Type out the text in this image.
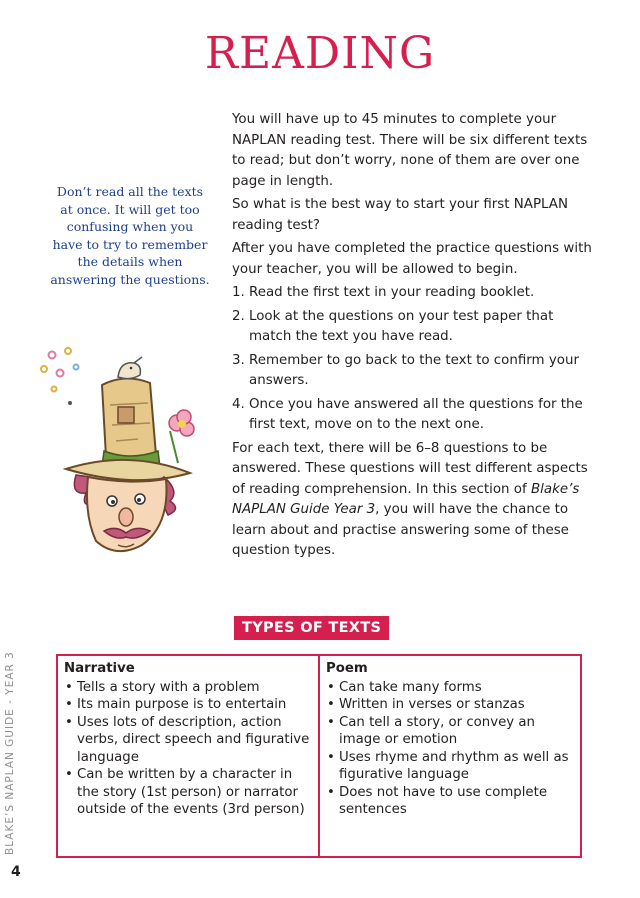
READING

You will have up to 45 minutes to complete your NAPLAN reading test. There will be six different texts to read; but don’t worry, none of them are over one page in length.

So what is the best way to start your first NAPLAN reading test?

After you have completed the practice questions with your teacher, you will be allowed to begin.

1. Read the first text in your reading booklet.
2. Look at the questions on your test paper that match the text you have read.
3. Remember to go back to the text to confirm your answers.
4. Once you have answered all the questions for the first text, move on to the next one.

For each text, there will be 6–8 questions to be answered. These questions will test different aspects of reading comprehension. In this section of Blake’s NAPLAN Guide Year 3, you will have the chance to learn about and practise answering some of these question types.

Don’t read all the texts at once. It will get too confusing when you have to try to remember the details when answering the questions.
TYPES OF TEXTS
Narrative
• Tells a story with a problem
• Its main purpose is to entertain
• Uses lots of description, action verbs, direct speech and figurative language
• Can be written by a character in the story (1st person) or narrator outside of the events (3rd person)

Poem
• Can take many forms
• Written in verses or stanzas
• Can tell a story, or convey an image or emotion
• Uses rhyme and rhythm as well as figurative language
• Does not have to use complete sentences
BLAKE’S NAPLAN GUIDE - YEAR 3
4
